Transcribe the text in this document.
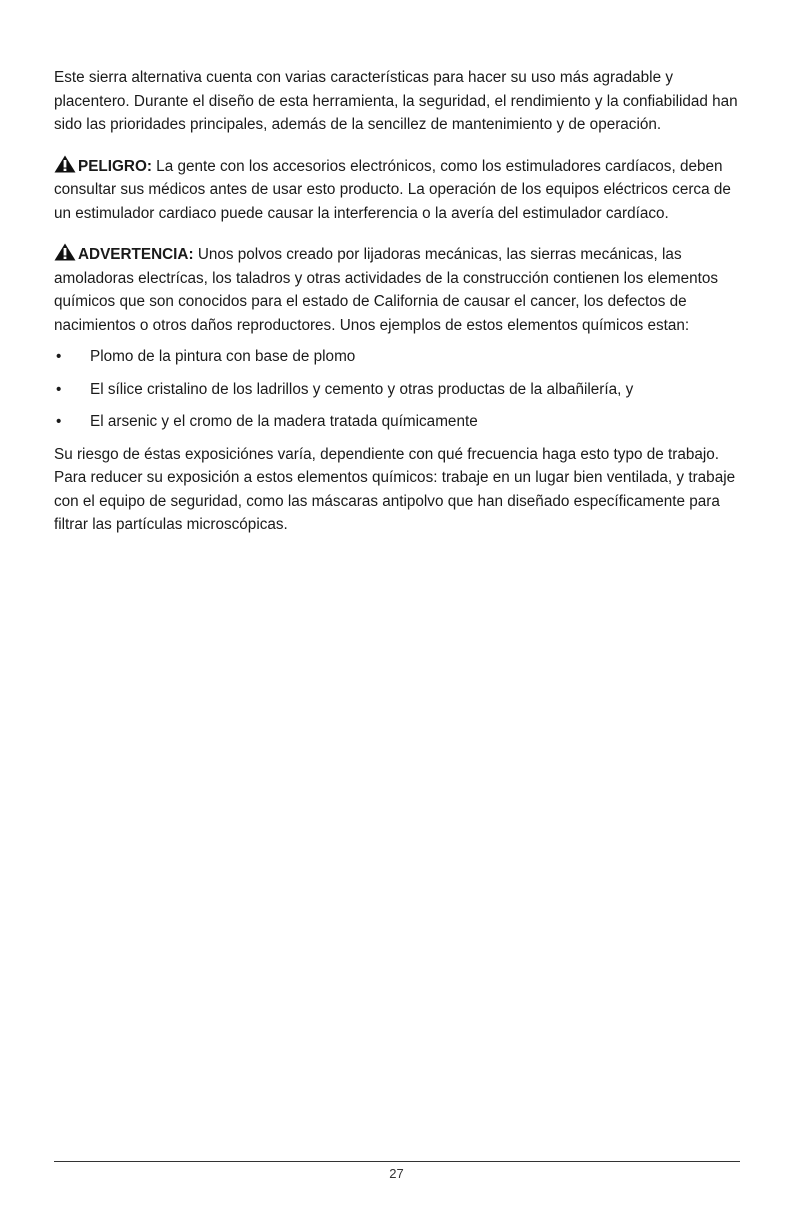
Este sierra alternativa cuenta con varias características para hacer su uso más agradable y placentero. Durante el diseño de esta herramienta, la seguridad, el rendimiento y la confiabilidad han sido las prioridades principales, además de la sencillez de mantenimiento y de operación.

PELIGRO: La gente con los accesorios electrónicos, como los estimuladores cardíacos, deben consultar sus médicos antes de usar esto producto. La operación de los equipos eléctricos cerca de un estimulador cardiaco puede causar la interferencia o la avería del estimulador cardíaco.

ADVERTENCIA: Unos polvos creado por lijadoras mecánicas, las sierras mecánicas, las amoladoras electrícas, los taladros y otras actividades de la construcción contienen los elementos químicos que son conocidos para el estado de California de causar el cancer, los defectos de nacimientos o otros daños reproductores. Unos ejemplos de estos elementos químicos estan:

• Plomo de la pintura con base de plomo
• El sílice cristalino de los ladrillos y cemento y otras productas de la albañilería, y
• El arsenic y el cromo de la madera tratada químicamente

Su riesgo de éstas exposiciónes varía, dependiente con qué frecuencia haga esto typo de trabajo. Para reducer su exposición a estos elementos químicos: trabaje en un lugar bien ventilada, y trabaje con el equipo de seguridad, como las máscaras antipolvo que han diseñado específicamente para filtrar las partículas microscópicas.

27
